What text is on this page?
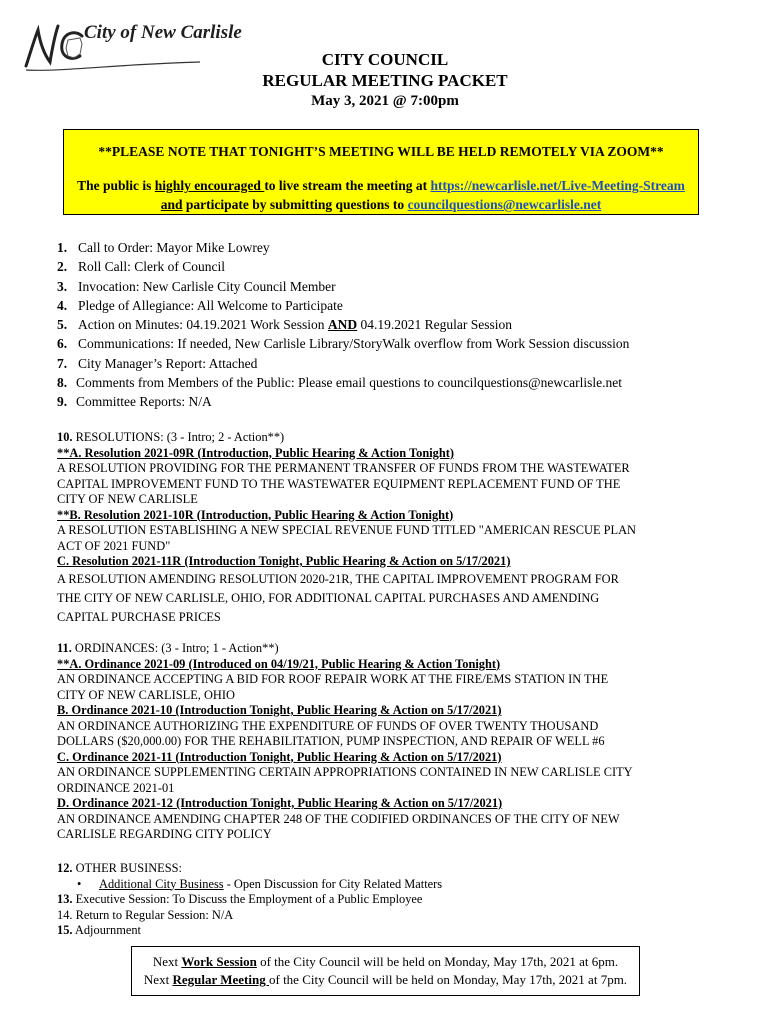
City of New Carlisle
CITY COUNCIL
REGULAR MEETING PACKET
May 3, 2021 @ 7:00pm
**PLEASE NOTE THAT TONIGHT’S MEETING WILL BE HELD REMOTELY VIA ZOOM**
The public is highly encouraged to live stream the meeting at https://newcarlisle.net/Live-Meeting-Stream
and participate by submitting questions to councilquestions@newcarlisle.net
1. Call to Order: Mayor Mike Lowrey
2. Roll Call: Clerk of Council
3. Invocation: New Carlisle City Council Member
4. Pledge of Allegiance: All Welcome to Participate
5. Action on Minutes: 04.19.2021 Work Session AND 04.19.2021 Regular Session
6. Communications: If needed, New Carlisle Library/StoryWalk overflow from Work Session discussion
7. City Manager’s Report: Attached
8. Comments from Members of the Public: Please email questions to councilquestions@newcarlisle.net
9. Committee Reports: N/A
10. RESOLUTIONS: (3 - Intro; 2 - Action**)
**A. Resolution 2021-09R (Introduction, Public Hearing & Action Tonight)
A RESOLUTION PROVIDING FOR THE PERMANENT TRANSFER OF FUNDS FROM THE WASTEWATER
CAPITAL IMPROVEMENT FUND TO THE WASTEWATER EQUIPMENT REPLACEMENT FUND OF THE
CITY OF NEW CARLISLE
**B. Resolution 2021-10R (Introduction, Public Hearing & Action Tonight)
A RESOLUTION ESTABLISHING A NEW SPECIAL REVENUE FUND TITLED "AMERICAN RESCUE PLAN
ACT OF 2021 FUND"
C. Resolution 2021-11R (Introduction Tonight, Public Hearing & Action on 5/17/2021)
A RESOLUTION AMENDING RESOLUTION 2020-21R, THE CAPITAL IMPROVEMENT PROGRAM FOR
THE CITY OF NEW CARLISLE, OHIO, FOR ADDITIONAL CAPITAL PURCHASES AND AMENDING
CAPITAL PURCHASE PRICES
11. ORDINANCES: (3 - Intro; 1 - Action**)
**A. Ordinance 2021-09 (Introduced on 04/19/21, Public Hearing & Action Tonight)
AN ORDINANCE ACCEPTING A BID FOR ROOF REPAIR WORK AT THE FIRE/EMS STATION IN THE
CITY OF NEW CARLISLE, OHIO
B. Ordinance 2021-10 (Introduction Tonight, Public Hearing & Action on 5/17/2021)
AN ORDINANCE AUTHORIZING THE EXPENDITURE OF FUNDS OF OVER TWENTY THOUSAND
DOLLARS ($20,000.00) FOR THE REHABILITATION, PUMP INSPECTION, AND REPAIR OF WELL #6
C. Ordinance 2021-11 (Introduction Tonight, Public Hearing & Action on 5/17/2021)
AN ORDINANCE SUPPLEMENTING CERTAIN APPROPRIATIONS CONTAINED IN NEW CARLISLE CITY
ORDINANCE 2021-01
D. Ordinance 2021-12 (Introduction Tonight, Public Hearing & Action on 5/17/2021)
AN ORDINANCE AMENDING CHAPTER 248 OF THE CODIFIED ORDINANCES OF THE CITY OF NEW
CARLISLE REGARDING CITY POLICY
12. OTHER BUSINESS:
• Additional City Business - Open Discussion for City Related Matters
13. Executive Session: To Discuss the Employment of a Public Employee
14. Return to Regular Session: N/A
15. Adjournment
Next Work Session of the City Council will be held on Monday, May 17th, 2021 at 6pm.
Next Regular Meeting of the City Council will be held on Monday, May 17th, 2021 at 7pm.
